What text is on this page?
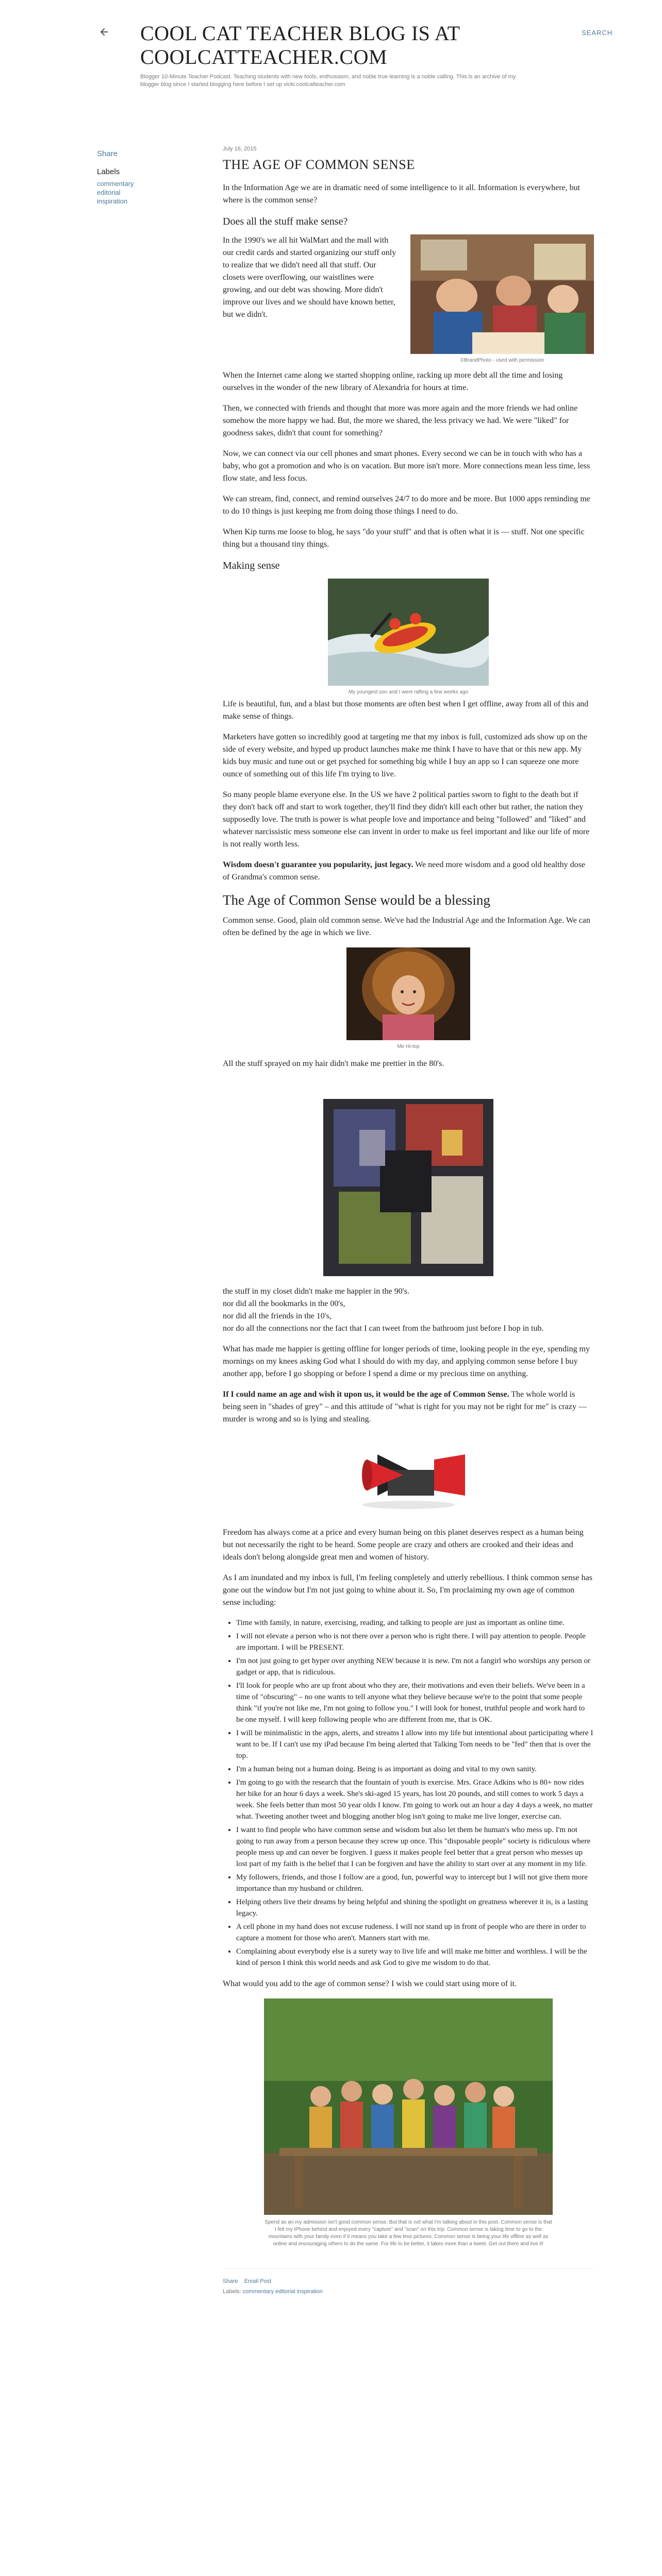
COOL CAT TEACHER BLOG IS AT COOLCATTEACHER.COM
SEARCH
Blogger 10-Minute Teacher Podcast. Teaching students with new tools, enthusiasm, and noble true learning is a noble calling. This is an archive of my blogger blog since I started blogging here before I set up vicki.coolcatteacher.com
Share
Labels
commentary
editorial
inspiration
July 16, 2015
THE AGE OF COMMON SENSE

In the Information Age we are in dramatic need of some intelligence to it all. Information is everywhere, but where is the common sense?

Does all the stuff make sense?
©BrandPhoto - used with permission

In the 1990's we all hit WalMart and the mall with our credit cards and started organizing our stuff only to realize that we didn't need all that stuff. Our closets were overflowing, our waistlines were growing, and our debt was showing. More didn't improve our lives and we should have known better, but we didn't.

When the Internet came along we started shopping online, racking up more debt all the time and losing ourselves in the wonder of the new library of Alexandria for hours at time.

Then, we connected with friends and thought that more was more again and the more friends we had online somehow the more happy we had. But, the more we shared, the less privacy we had. We were "liked" for goodness sakes, didn't that count for something?

Now, we can connect via our cell phones and smart phones. Every second we can be in touch with who has a baby, who got a promotion and who is on vacation. But more isn't more. More connections mean less time, less flow state, and less focus.

We can stream, find, connect, and remind ourselves 24/7 to do more and be more. But 1000 apps reminding me to do 10 things is just keeping me from doing those things I need to do.

When Kip turns me loose to blog, he says "do your stuff" and that is often what it is — stuff. Not one specific thing but a thousand tiny things.

Making sense
My youngest son and I went rafting a few weeks ago

Life is beautiful, fun, and a blast but those moments are often best when I get offline, away from all of this and make sense of things.

Marketers have gotten so incredibly good at targeting me that my inbox is full, customized ads show up on the side of every website, and hyped up product launches make me think I have to have that or this new app. My kids buy music and tune out or get psyched for something big while I buy an app so I can squeeze one more ounce of something out of this life I'm trying to live.

So many people blame everyone else. In the US we have 2 political parties sworn to fight to the death but if they don't back off and start to work together, they'll find they didn't kill each other but rather, the nation they supposedly love. The truth is power is what people love and importance and being "followed" and "liked" and whatever narcissistic mess someone else can invent in order to make us feel important and like our life of more is not really worth less.

Wisdom doesn't guarantee you popularity, just legacy. We need more wisdom and a good old healthy dose of Grandma's common sense.

The Age of Common Sense would be a blessing

Common sense. Good, plain old common sense. We've had the Industrial Age and the Information Age. We can often be defined by the age in which we live.

Me Hi-top

All the stuff sprayed on my hair didn't make me prettier in the 80's.

the stuff in my closet didn't make me happier in the 90's.
nor did all the bookmarks in the 00's,
nor did all the friends in the 10's,
nor do all the connections nor the fact that I can tweet from the bathroom just before I hop in tub.

What has made me happier is getting offline for longer periods of time, looking people in the eye, spending my mornings on my knees asking God what I should do with my day, and applying common sense before I buy another app, before I go shopping or before I spend a dime or my precious time on anything.

If I could name an age and wish it upon us, it would be the age of Common Sense. The whole world is being seen in "shades of grey" – and this attitude of "what is right for you may not be right for me" is crazy — murder is wrong and so is lying and stealing.

Freedom has always come at a price and every human being on this planet deserves respect as a human being but not necessarily the right to be heard. Some people are crazy and others are crooked and their ideas and ideals don't belong alongside great men and women of history.

As I am inundated and my inbox is full, I'm feeling completely and utterly rebellious. I think common sense has gone out the window but I'm not just going to whine about it. So, I'm proclaiming my own age of common sense including:

• Time with family, in nature, exercising, reading, and talking to people are just as important as online time.
• I will not elevate a person who is not there over a person who is right there. I will pay attention to people. People are important. I will be PRESENT.
• I'm not just going to get hyper over anything NEW because it is new. I'm not a fangirl who worships any person or gadget or app, that is ridiculous.
• I'll look for people who are up front about who they are, their motivations and even their beliefs. We've been in a time of "obscuring" – no one wants to tell anyone what they believe because we're to the point that some people think "if you're not like me, I'm not going to follow you." I will look for honest, truthful people and work hard to be one myself. I will keep following people who are different from me, that is OK.
• I will be minimalistic in the apps, alerts, and streams I allow into my life but intentional about participating where I want to be. If I can't use my iPad because I'm being alerted that Talking Tom needs to be "fed" then that is over the top.
• I'm a human being not a human doing. Being is as important as doing and vital to my own sanity.
• I'm going to go with the research that the fountain of youth is exercise. Mrs. Grace Adkins who is 80+ now rides her bike for an hour 6 days a week. She's ski-aged 15 years, has lost 20 pounds, and still comes to work 5 days a week. She feels better than most 50 year olds I know. I'm going to work out an hour a day 4 days a week, no matter what. Tweeting another tweet and blogging another blog isn't going to make me live longer, exercise can.
• I want to find people who have common sense and wisdom but also let them be human's who mess up. I'm not going to run away from a person because they screw up once. This "disposable people" society is ridiculous where people mess up and can never be forgiven. I guess it makes people feel better that a great person who messes up lost part of my faith is the belief that I can be forgiven and have the ability to start over at any moment in my life.
• My followers, friends, and those I follow are a good, fun, powerful way to intercept but I will not give them more importance than my husband or children.
• Helping others live their dreams by being helpful and shining the spotlight on greatness wherever it is, is a lasting legacy.
• A cell phone in my hand does not excuse rudeness. I will not stand up in front of people who are there in order to capture a moment for those who aren't. Manners start with me.
• Complaining about everybody else is a surety way to live life and will make me bitter and worthless. I will be the kind of person I think this world needs and ask God to give me wisdom to do that.

What would you add to the age of common sense? I wish we could start using more of it.

Spend as an my admission isn't good common sense. But that is not what I'm talking about in this post. Common sense is that I felt my iPhone behind and enjoyed every "capture" and "scan" on this trip. Common sense is taking time to go to the mountains with your family even if it means you take a few less pictures. Common sense is being your life offline as well as online and encouraging others to do the same. For life to be better, it takes more than a tweet. Get out there and live it!
Share Email Post
Labels: commentary editorial inspiration
